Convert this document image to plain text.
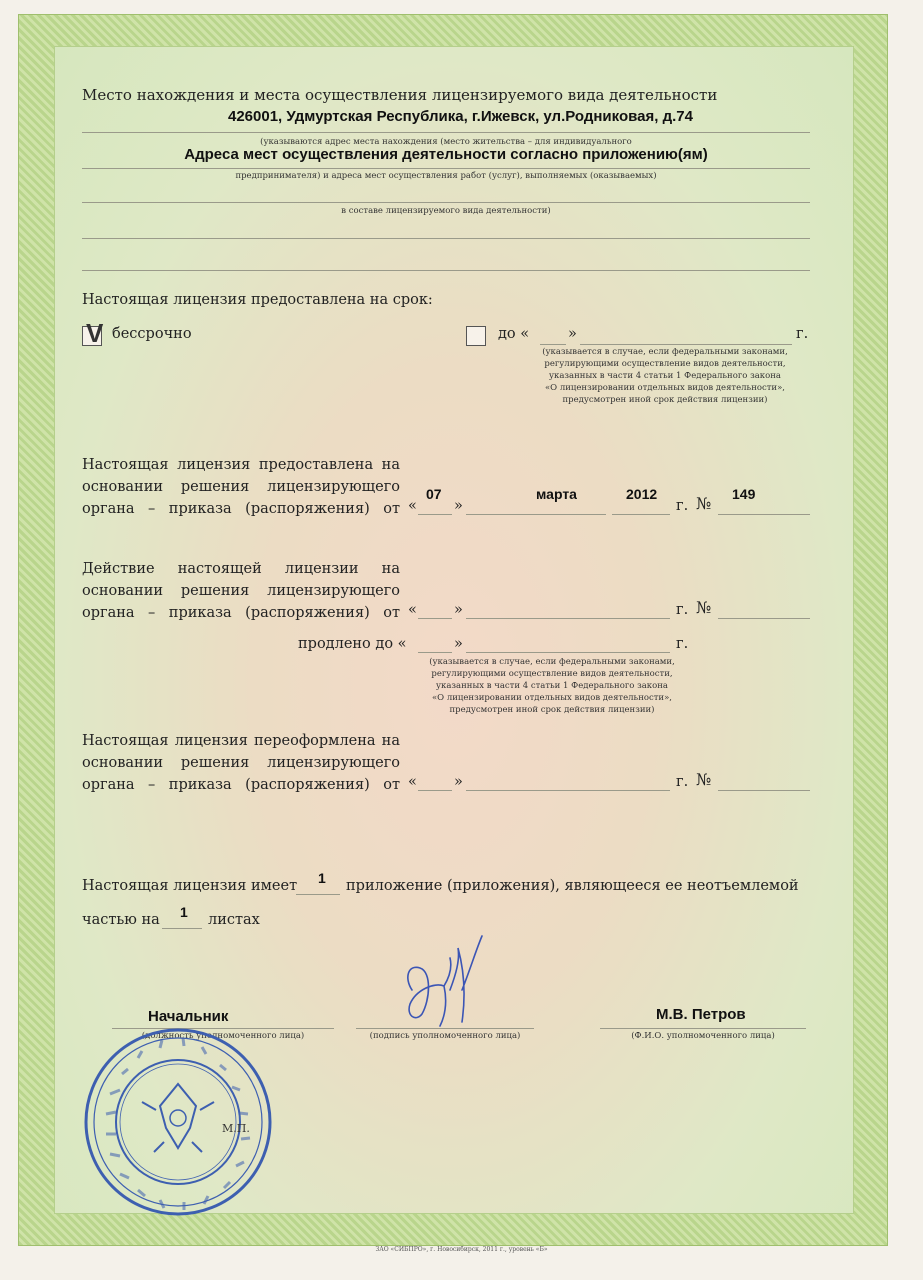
Место нахождения и места осуществления лицензируемого вида деятельности
426001, Удмуртская Республика, г.Ижевск, ул.Родниковая, д.74
(указываются адрес места нахождения (место жительства – для индивидуального
Адреса мест осуществления деятельности согласно приложению(ям)
предпринимателя) и адреса мест осуществления работ (услуг), выполняемых (оказываемых)
в составе лицензируемого вида деятельности)
Настоящая лицензия предоставлена на срок:
V бессрочно	до «	»	г.
(указывается в случае, если федеральными законами,
регулирующими осуществление видов деятельности,
указанных в части 4 статьи 1 Федерального закона
«О лицензировании отдельных видов деятельности»,
предусмотрен иной срок действия лицензии)
Настоящая лицензия предоставлена на
основании решения лицензирующего
органа – приказа (распоряжения) от «
07
»
марта	2012
г. № 149
Действие настоящей лицензии на
основании решения лицензирующего
органа – приказа (распоряжения) от «	»	г. №
продлено до «	»	г.
(указывается в случае, если федеральными законами,
регулирующими осуществление видов деятельности,
указанных в части 4 статьи 1 Федерального закона
«О лицензировании отдельных видов деятельности»,
предусмотрен иной срок действия лицензии)
Настоящая лицензия переоформлена на
основании решения лицензирующего
органа – приказа (распоряжения) от «	»	г. №
Настоящая лицензия имеет 1 приложение (приложения), являющееся ее неотъемлемой
частью на 1 листах
Начальник
(должность уполномоченного лица)	(подпись уполномоченного лица)
М.В. Петров
(Ф.И.О. уполномоченного лица)
М.П.
ЗАО «СИБПРО», г. Новосибирск, 2011 г., уровень «Б»
